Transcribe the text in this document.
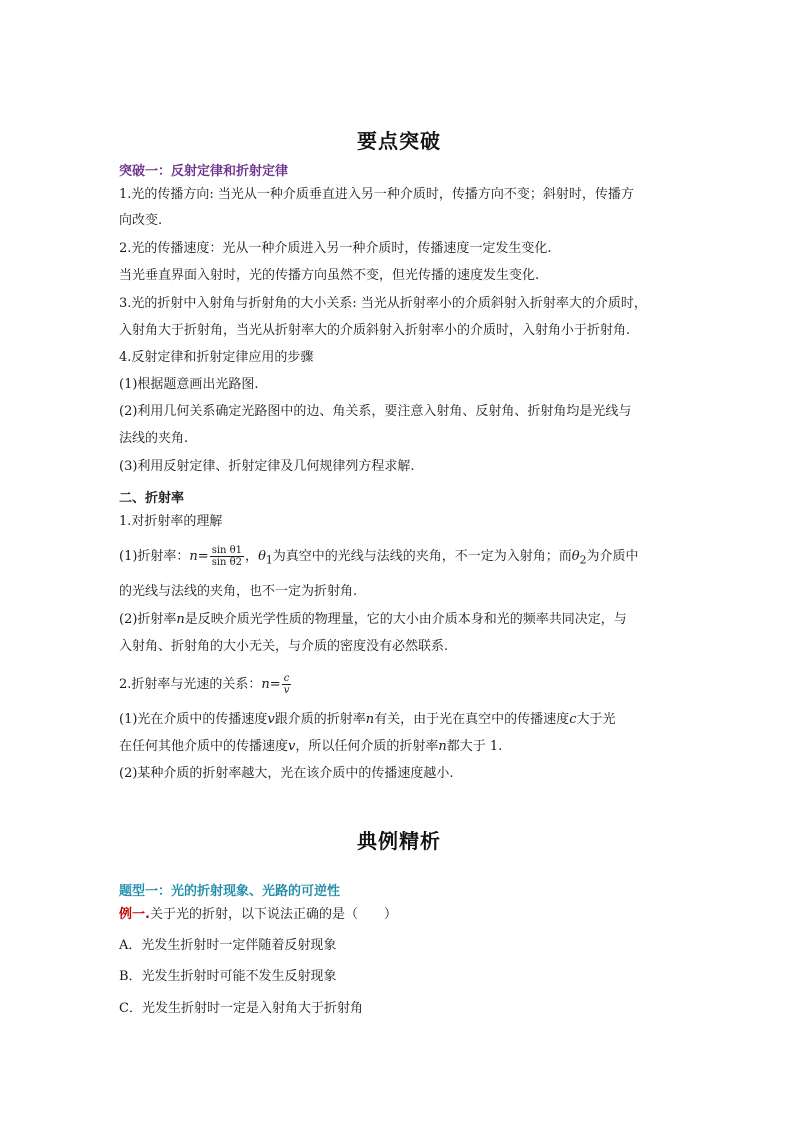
要点突破
突破一：反射定律和折射定律
1.光的传播方向: 当光从一种介质垂直进入另一种介质时，传播方向不变；斜射时，传播方
向改变.
2.光的传播速度：光从一种介质进入另一种介质时，传播速度一定发生变化.
当光垂直界面入射时，光的传播方向虽然不变，但光传播的速度发生变化.
3.光的折射中入射角与折射角的大小关系: 当光从折射率小的介质斜射入折射率大的介质时，
入射角大于折射角，当光从折射率大的介质斜射入折射率小的介质时，入射角小于折射角.
4.反射定律和折射定律应用的步骤
(1)根据题意画出光路图.
(2)利用几何关系确定光路图中的边、角关系，要注意入射角、反射角、折射角均是光线与
法线的夹角.
(3)利用反射定律、折射定律及几何规律列方程求解.
二、折射率
1.对折射率的理解
(1)折射率：$n= \frac{\text{sin θ1}}{\text{sin θ2}}$ ，$\theta_1$为真空中的光线与法线的夹角，不一定为入射角；而$\theta_2$为介质中
的光线与法线的夹角，也不一定为折射角.
(2)折射率n是反映介质光学性质的物理量，它的大小由介质本身和光的频率共同决定，与
入射角、折射角的大小无关，与介质的密度没有必然联系.
2.折射率与光速的关系：$n= \frac{c}{v}$
(1)光在介质中的传播速度v跟介质的折射率n有关，由于光在真空中的传播速度c大于光
在任何其他介质中的传播速度v，所以任何介质的折射率n都大于 1.
(2)某种介质的折射率越大，光在该介质中的传播速度越小.
典例精析
题型一：光的折射现象、光路的可逆性
例一.关于光的折射，以下说法正确的是（　　）
A．光发生折射时一定伴随着反射现象
B．光发生折射时可能不发生反射现象
C．光发生折射时一定是入射角大于折射角
